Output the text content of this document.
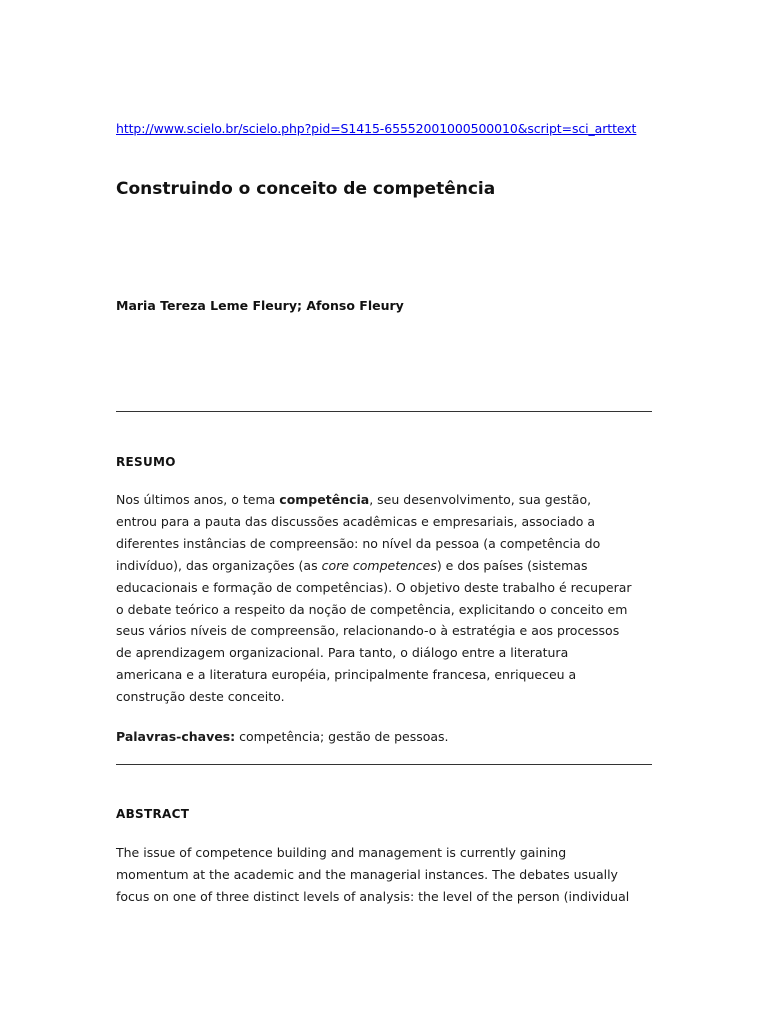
http://www.scielo.br/scielo.php?pid=S1415-65552001000500010&script=sci_arttext
Construindo o conceito de competência
Maria Tereza Leme Fleury; Afonso Fleury
RESUMO
Nos últimos anos, o tema competência, seu desenvolvimento, sua gestão,
entrou para a pauta das discussões acadêmicas e empresariais, associado a
diferentes instâncias de compreensão: no nível da pessoa (a competência do
indivíduo), das organizações (as core competences) e dos países (sistemas
educacionais e formação de competências). O objetivo deste trabalho é recuperar
o debate teórico a respeito da noção de competência, explicitando o conceito em
seus vários níveis de compreensão, relacionando-o à estratégia e aos processos
de aprendizagem organizacional. Para tanto, o diálogo entre a literatura
americana e a literatura européia, principalmente francesa, enriqueceu a
construção deste conceito.
Palavras-chaves: competência; gestão de pessoas.
ABSTRACT
The issue of competence building and management is currently gaining
momentum at the academic and the managerial instances. The debates usually
focus on one of three distinct levels of analysis: the level of the person (individual
